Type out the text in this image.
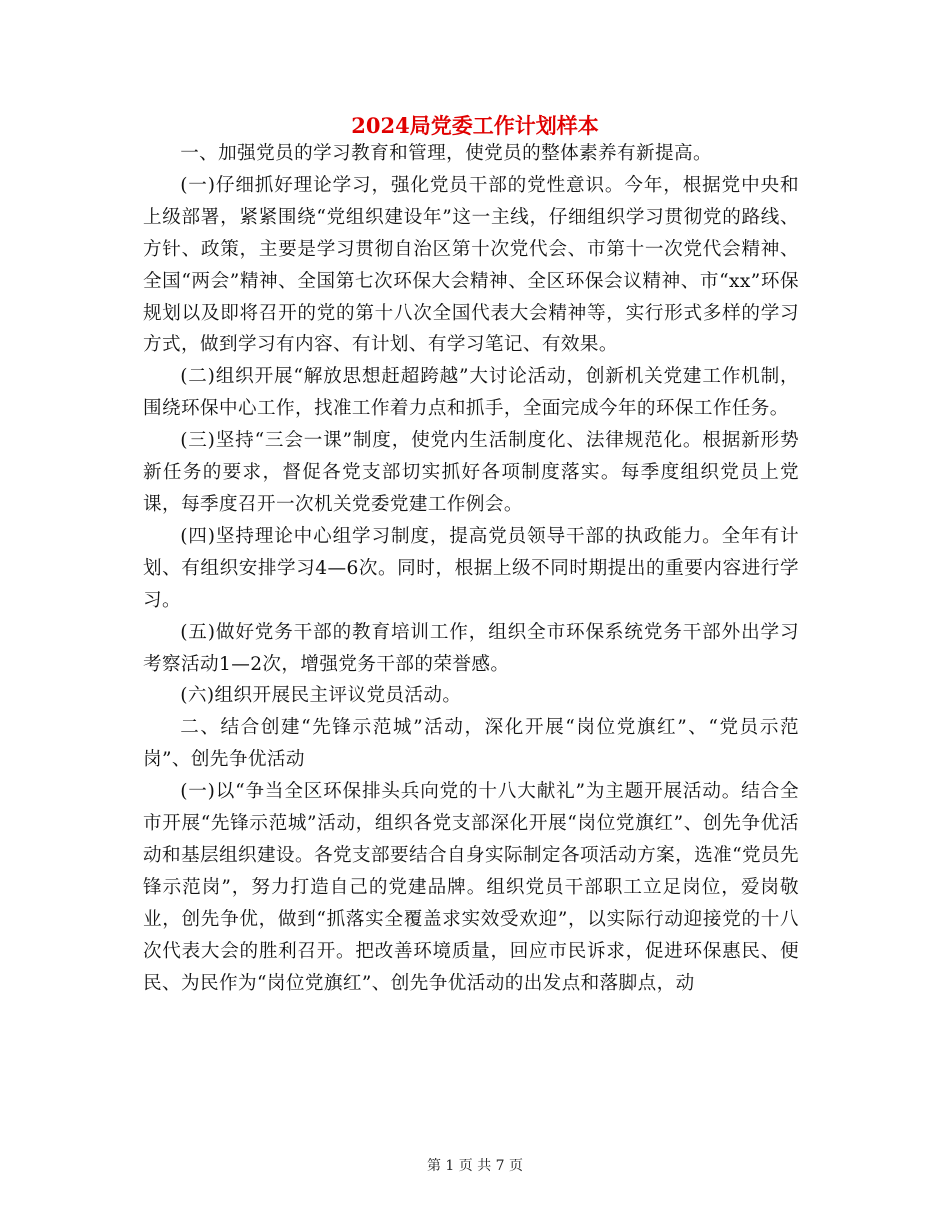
2024局党委工作计划样本

一、加强党员的学习教育和管理，使党员的整体素养有新提高。

(一)仔细抓好理论学习，强化党员干部的党性意识。今年，根据党中央和上级部署，紧紧围绕“党组织建设年”这一主线，仔细组织学习贯彻党的路线、方针、政策，主要是学习贯彻自治区第十次党代会、市第十一次党代会精神、全国“两会”精神、全国第七次环保大会精神、全区环保会议精神、市“xx”环保规划以及即将召开的党的第十八次全国代表大会精神等，实行形式多样的学习方式，做到学习有内容、有计划、有学习笔记、有效果。

(二)组织开展“解放思想赶超跨越”大讨论活动，创新机关党建工作机制，围绕环保中心工作，找准工作着力点和抓手，全面完成今年的环保工作任务。

(三)坚持“三会一课”制度，使党内生活制度化、法律规范化。根据新形势新任务的要求，督促各党支部切实抓好各项制度落实。每季度组织党员上党课，每季度召开一次机关党委党建工作例会。

(四)坚持理论中心组学习制度，提高党员领导干部的执政能力。全年有计划、有组织安排学习4—6次。同时，根据上级不同时期提出的重要内容进行学习。

(五)做好党务干部的教育培训工作，组织全市环保系统党务干部外出学习考察活动1—2次，增强党务干部的荣誉感。

(六)组织开展民主评议党员活动。

二、结合创建“先锋示范城”活动，深化开展“岗位党旗红”、“党员示范岗”、创先争优活动

(一)以“争当全区环保排头兵向党的十八大献礼”为主题开展活动。结合全市开展“先锋示范城”活动，组织各党支部深化开展“岗位党旗红”、创先争优活动和基层组织建设。各党支部要结合自身实际制定各项活动方案，选准“党员先锋示范岗”，努力打造自己的党建品牌。组织党员干部职工立足岗位，爱岗敬业，创先争优，做到“抓落实全覆盖求实效受欢迎”，以实际行动迎接党的十八次代表大会的胜利召开。把改善环境质量，回应市民诉求，促进环保惠民、便民、为民作为“岗位党旗红”、创先争优活动的出发点和落脚点，动

第 1 页 共 7 页
